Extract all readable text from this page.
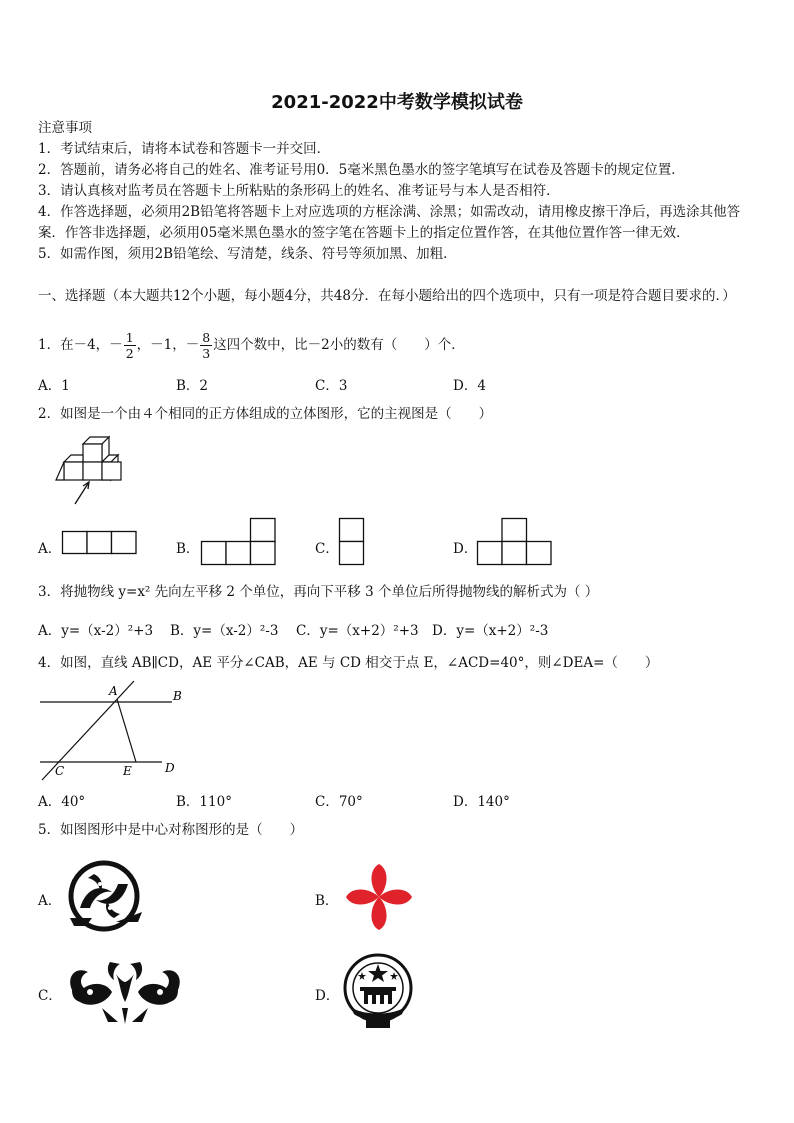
2021-2022中考数学模拟试卷
注意事项
1．考试结束后，请将本试卷和答题卡一并交回．
2．答题前，请务必将自己的姓名、准考证号用0．5毫米黑色墨水的签字笔填写在试卷及答题卡的规定位置．
3．请认真核对监考员在答题卡上所粘贴的条形码上的姓名、准考证号与本人是否相符．
4．作答选择题，必须用2B铅笔将答题卡上对应选项的方框涂满、涂黑；如需改动，请用橡皮擦干净后，再选涂其他答案．作答非选择题，必须用05毫米黑色墨水的签字笔在答题卡上的指定位置作答，在其他位置作答一律无效．
5．如需作图，须用2B铅笔绘、写清楚，线条、符号等须加黑、加粗．
一、选择题（本大题共12个小题，每小题4分，共48分．在每小题给出的四个选项中，只有一项是符合题目要求的．）
1．在－4，－ $\frac{1}{2}$ ，－1，－ $\frac{8}{3}$ 这四个数中，比－2小的数有（　　）个．
A．1	B．2	C．3	D．4
2．如图是一个由４个相同的正方体组成的立体图形，它的主视图是（　　）
A．	B．	C．	D．
3．将抛物线 y=x² 先向左平移 2 个单位，再向下平移 3 个单位后所得抛物线的解析式为（ ）
A．y=（x-2）²+3 B．y=（x-2）²-3 C．y=（x+2）²+3 D．y=（x+2）²-3
4．如图，直线 AB∥CD，AE 平分∠CAB，AE 与 CD 相交于点 E，∠ACD=40°，则∠DEA=（　　）
A	B
C	E	D
A．40°	B．110°	C．70°	D．140°
5．如图图形中是中心对称图形的是（　　）
A．	B．
C．	D．
